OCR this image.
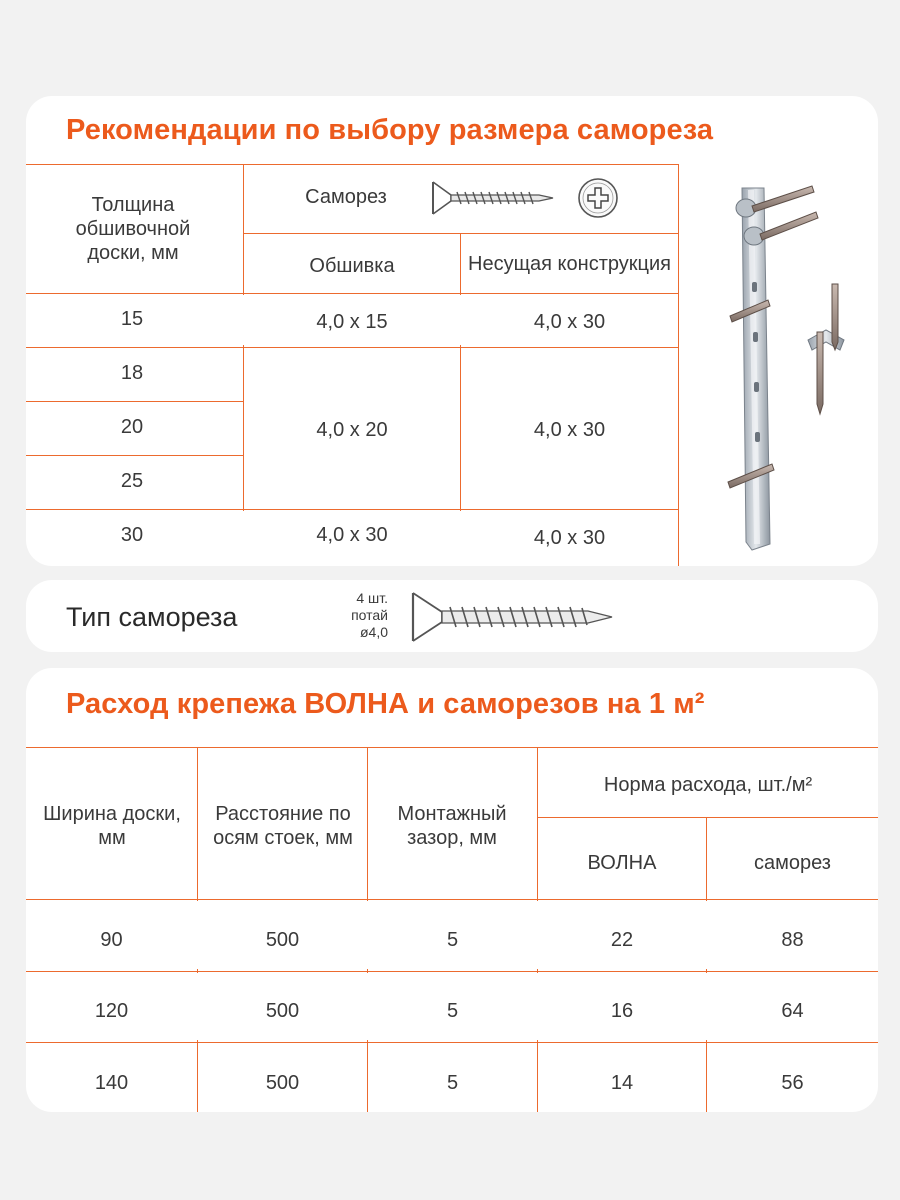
Рекомендации по выбору размера самореза
Толщина обшивочной доски, мм
Саморез
Обшивка	Несущая конструкция
15	4,0 х 15	4,0 х 30
18
20
25
4,0 х 20	4,0 х 30
30	4,0 х 30	4,0 х 30
Тип самореза
4 шт.
потай
ø4,0
Расход крепежа ВОЛНА и саморезов на 1 м²
Ширина доски, мм
Расстояние по осям стоек, мм
Монтажный зазор, мм
Норма расхода, шт./м²
ВОЛНА	саморез
90	500	5	22	88
120	500	5	16	64
140	500	5	14	56
